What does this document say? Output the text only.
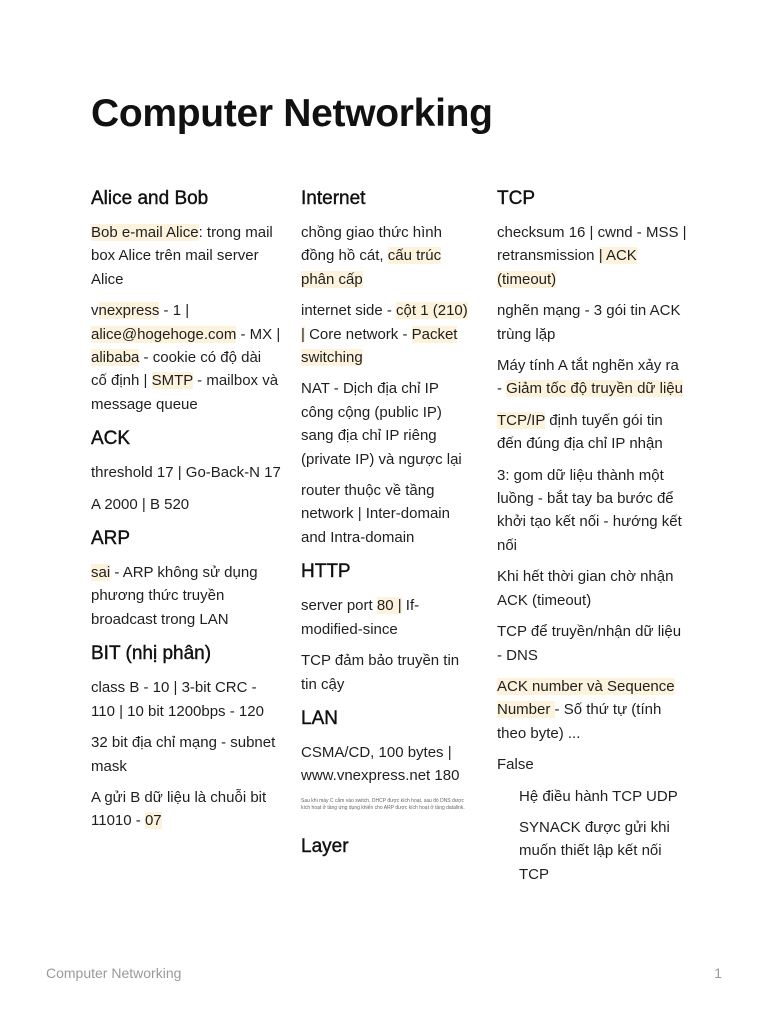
Computer Networking
Alice and Bob

Bob e-mail Alice: trong mail box Alice trên mail server Alice

vnexpress - 1 | alice@hogehoge.com - MX | alibaba - cookie có độ dài cố định | SMTP - mailbox và message queue

ACK

threshold 17 | Go-Back-N 17

A 2000 | B 520

ARP

sai - ARP không sử dụng phương thức truyền broadcast trong LAN

BIT (nhị phân)

class B - 10 | 3-bit CRC - 110 | 10 bit 1200bps - 120

32 bit địa chỉ mạng - subnet mask

A gửi B dữ liệu là chuỗi bit 11010 - 07

Internet

chồng giao thức hình đồng hồ cát, cấu trúc phân cấp

internet side - cột 1 (210) | Core network - Packet switching

NAT - Dịch địa chỉ IP công cộng (public IP) sang địa chỉ IP riêng (private IP) và ngược lại

router thuộc về tầng network | Inter-domain and Intra-domain

HTTP

server port 80 | If-modified-since

TCP đảm bảo truyền tin tin cậy

LAN

CSMA/CD, 100 bytes | www.vnexpress.net 180

Sau khi máy C cắm vào switch, DHCP được kích hoạt, sau đó DNS được kích hoạt ở tầng ứng dụng khiến cho ARP được kích hoạt ở tầng datalink.

Layer
TCP

checksum 16 | cwnd - MSS | retransmission | ACK (timeout)

nghẽn mạng - 3 gói tin ACK trùng lặp

Máy tính A tắt nghẽn xảy ra - Giảm tốc độ truyền dữ liệu

TCP/IP định tuyến gói tin đến đúng địa chỉ IP nhận

3: gom dữ liệu thành một luồng - bắt tay ba bước để khởi tạo kết nối - hướng kết nối

Khi hết thời gian chờ nhận ACK (timeout)

TCP để truyền/nhận dữ liệu - DNS

ACK number và Sequence Number - Số thứ tự (tính theo byte) ...

False

Hệ điều hành TCP UDP

SYNACK được gửi khi muốn thiết lập kết nối TCP

Computer Networking	1
